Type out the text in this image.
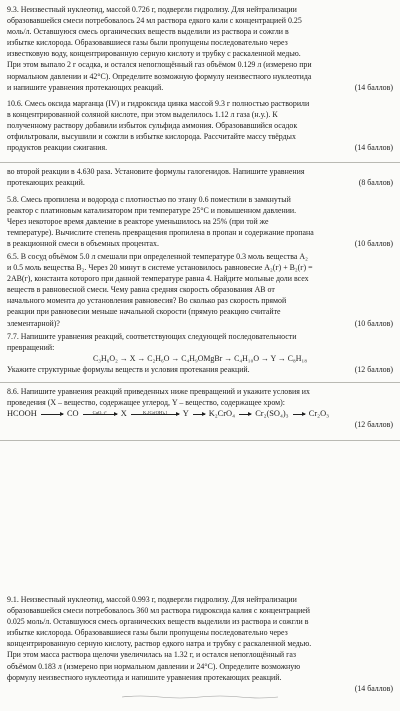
9.3. Неизвестный нуклеотид, массой 0.726 г, подвергли гидролизу. Для нейтрализации

образовавшейся смеси потребовалось 24 мл раствора едкого кали с концентрацией 0.25

моль/л. Оставшуюся смесь органических веществ выделили из раствора и сожгли в

избытке кислорода. Образовавшиеся газы были пропущены последовательно через

известковую воду, концентрированную серную кислоту и трубку с раскаленной медью.

При этом выпало 2 г осадка, и остался непоглощённый газ объёмом 0.129 л (измерено при

нормальном давлении и 42°С). Определите возможную формулу неизвестного нуклеотида

и напишите уравнения протекающих реакций.	(14 баллов)

10.6. Смесь оксида марганца (IV) и гидроксида цинка массой 9.3 г полностью растворили

в концентрированной соляной кислоте, при этом выделилось 1.12 л газа (н.у.). К

полученному раствору добавили избыток сульфида аммония. Образовавшийся осадок

отфильтровали, высушили и сожгли в избытке кислорода. Рассчитайте массу твёрдых

продуктов реакции сжигания.	(14 баллов)

во второй реакции в 4.630 раза. Установите формулы галогенидов. Напишите уравнения

протекающих реакций.	(8 баллов)

5.8. Смесь пропилена и водорода с плотностью по этану 0.6 поместили в замкнутый

реактор с платиновым катализатором при температуре 25°С и повышенном давлении.

Через некоторое время давление в реакторе уменьшилось на 25% (при той же

температуре). Вычислите степень превращения пропилена в пропан и содержание пропана

в реакционной смеси в объемных процентах.	(10 баллов)

6.5. В сосуд объёмом 5.0 л смешали при определенной температуре 0.3 моль вещества А₂

и 0.5 моль вещества В₂. Через 20 минут в системе установилось равновесие А₂(г) + В₂(г) =

2АВ(г), константа которого при данной температуре равна 4. Найдите мольные доли всех

веществ в равновесной смеси. Чему равна средняя скорость образования АВ от

начального момента до установления равновесия? Во сколько раз скорость прямой

реакции при равновесии меньше начальной скорости (прямую реакцию считайте

элементарной)?	(10 баллов)

7.7. Напишите уравнения реакций, соответствующих следующей последовательности

превращений:

C₃H₆O₂ → X → C₂H₆O → C₄H₉OMgBr → C₄H₁₀O → Y → C₈H₁₈

Укажите структурные формулы веществ и условия протекания реакций.	(12 баллов)

8.6. Напишите уравнения реакций приведенных ниже превращений и укажите условия их

проведения (Х – вещество, содержащее углерод, Y – вещество, содержащее хром):

HCOOH	CO	CuO, t°	X	K₂[Cr(OH)₆]	Y K₂CrO₄ Cr₂(SO₄)₃ Cr₂O₃

(12 баллов)

9.1. Неизвестный нуклеотид, массой 0.993 г, подвергли гидролизу. Для нейтрализации

образовавшейся смеси потребовалось 360 мл раствора гидроксида калия с концентрацией

0.025 моль/л. Оставшуюся смесь органических веществ выделили из раствора и сожгли в

избытке кислорода. Образовавшиеся газы были пропущены последовательно через

концентрированную серную кислоту, раствор едкого натра и трубку с раскаленной медью.

При этом масса раствора щелочи увеличилась на 1.32 г, и остался непоглощённый газ

объёмом 0.183 л (измерено при нормальном давлении и 24°С). Определите возможную

формулу неизвестного нуклеотида и напишите уравнения протекающих реакций.

(14 баллов)
